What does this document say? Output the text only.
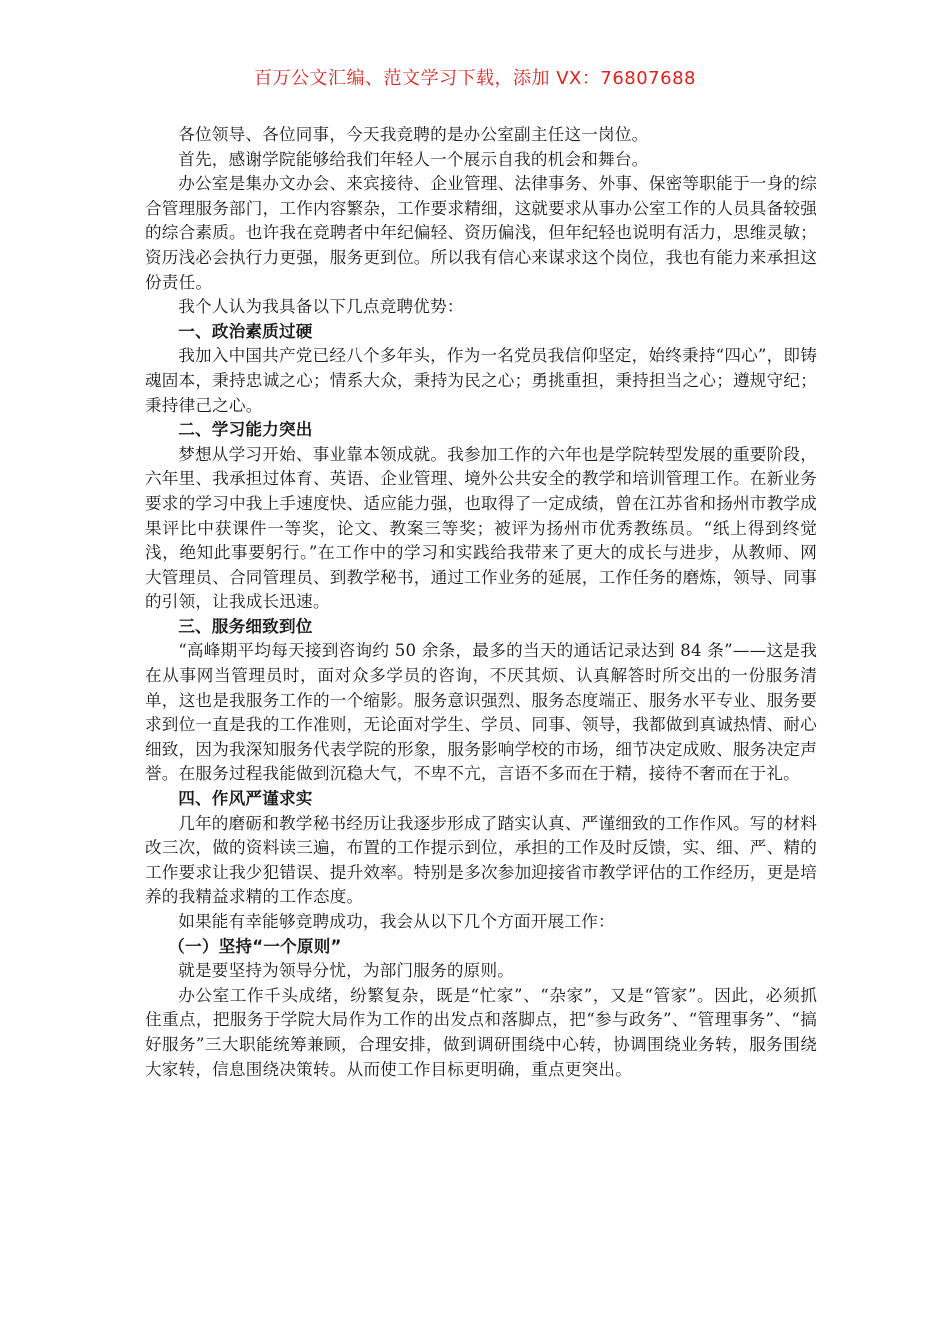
百万公文汇编、范文学习下载，添加 VX：76807688

各位领导、各位同事，今天我竞聘的是办公室副主任这一岗位。

首先，感谢学院能够给我们年轻人一个展示自我的机会和舞台。

办公室是集办文办会、来宾接待、企业管理、法律事务、外事、保密等职能于一身的综合管理服务部门，工作内容繁杂，工作要求精细，这就要求从事办公室工作的人员具备较强的综合素质。也许我在竞聘者中年纪偏轻、资历偏浅，但年纪轻也说明有活力，思维灵敏；资历浅必会执行力更强，服务更到位。所以我有信心来谋求这个岗位，我也有能力来承担这份责任。

我个人认为我具备以下几点竞聘优势：

一、政治素质过硬

我加入中国共产党已经八个多年头，作为一名党员我信仰坚定，始终秉持“四心”，即铸魂固本，秉持忠诚之心；情系大众，秉持为民之心；勇挑重担，秉持担当之心；遵规守纪；秉持律己之心。

二、学习能力突出

梦想从学习开始、事业靠本领成就。我参加工作的六年也是学院转型发展的重要阶段，六年里、我承担过体育、英语、企业管理、境外公共安全的教学和培训管理工作。在新业务要求的学习中我上手速度快、适应能力强，也取得了一定成绩，曾在江苏省和扬州市教学成果评比中获课件一等奖，论文、教案三等奖；被评为扬州市优秀教练员。“纸上得到终觉浅，绝知此事要躬行。”在工作中的学习和实践给我带来了更大的成长与进步，从教师、网大管理员、合同管理员、到教学秘书，通过工作业务的延展，工作任务的磨炼，领导、同事的引领，让我成长迅速。

三、服务细致到位

“高峰期平均每天接到咨询约 50 余条，最多的当天的通话记录达到 84 条”——这是我在从事网当管理员时，面对众多学员的咨询，不厌其烦、认真解答时所交出的一份服务清单，这也是我服务工作的一个缩影。服务意识强烈、服务态度端正、服务水平专业、服务要求到位一直是我的工作准则，无论面对学生、学员、同事、领导，我都做到真诚热情、耐心细致，因为我深知服务代表学院的形象，服务影响学校的市场，细节决定成败、服务决定声誉。在服务过程我能做到沉稳大气，不卑不亢，言语不多而在于精，接待不奢而在于礼。

四、作风严谨求实

几年的磨砺和教学秘书经历让我逐步形成了踏实认真、严谨细致的工作作风。写的材料改三次，做的资料读三遍，布置的工作提示到位，承担的工作及时反馈，实、细、严、精的工作要求让我少犯错误、提升效率。特别是多次参加迎接省市教学评估的工作经历，更是培养的我精益求精的工作态度。

如果能有幸能够竞聘成功，我会从以下几个方面开展工作：

（一）坚持“一个原则”

就是要坚持为领导分忧，为部门服务的原则。

办公室工作千头成绪，纷繁复杂，既是“忙家”、“杂家”，又是“管家”。因此，必须抓住重点，把服务于学院大局作为工作的出发点和落脚点，把“参与政务”、“管理事务”、“搞好服务”三大职能统筹兼顾，合理安排，做到调研围绕中心转，协调围绕业务转，服务围绕大家转，信息围绕决策转。从而使工作目标更明确，重点更突出。
